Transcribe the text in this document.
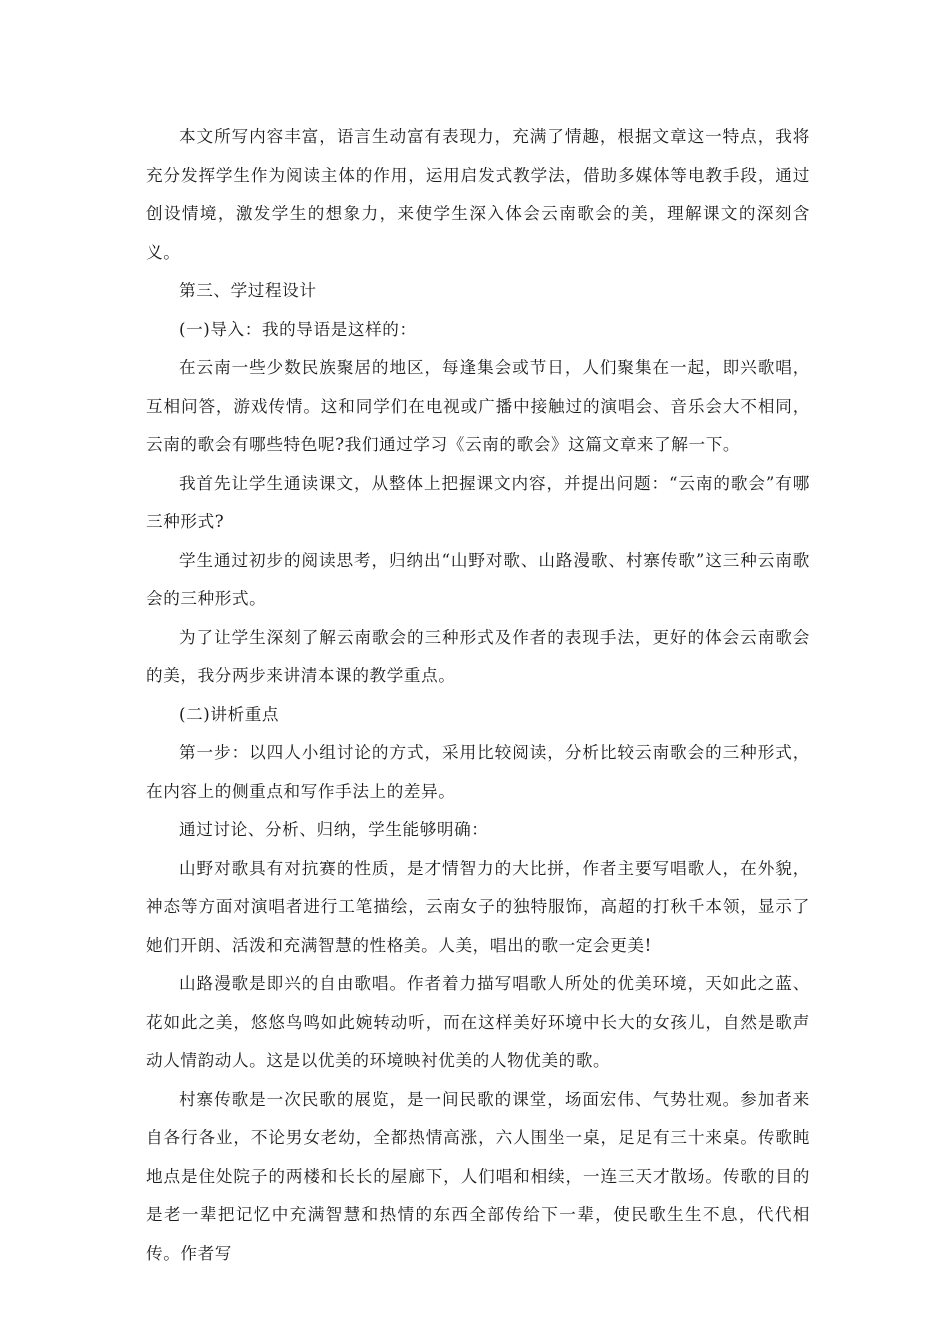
本文所写内容丰富，语言生动富有表现力，充满了情趣，根据文章这一特点，我将充分发挥学生作为阅读主体的作用，运用启发式教学法，借助多媒体等电教手段，通过创设情境，激发学生的想象力，来使学生深入体会云南歌会的美，理解课文的深刻含义。

第三、学过程设计

(一)导入：我的导语是这样的：

在云南一些少数民族聚居的地区，每逢集会或节日，人们聚集在一起，即兴歌唱，互相问答，游戏传情。这和同学们在电视或广播中接触过的演唱会、音乐会大不相同，云南的歌会有哪些特色呢?我们通过学习《云南的歌会》这篇文章来了解一下。

我首先让学生通读课文，从整体上把握课文内容，并提出问题：“云南的歌会”有哪三种形式?

学生通过初步的阅读思考，归纳出“山野对歌、山路漫歌、村寨传歌”这三种云南歌会的三种形式。

为了让学生深刻了解云南歌会的三种形式及作者的表现手法，更好的体会云南歌会的美，我分两步来讲清本课的教学重点。

(二)讲析重点

第一步：以四人小组讨论的方式，采用比较阅读，分析比较云南歌会的三种形式，在内容上的侧重点和写作手法上的差异。

通过讨论、分析、归纳，学生能够明确：

山野对歌具有对抗赛的性质，是才情智力的大比拼，作者主要写唱歌人，在外貌，神态等方面对演唱者进行工笔描绘，云南女子的独特服饰，高超的打秋千本领，显示了她们开朗、活泼和充满智慧的性格美。人美，唱出的歌一定会更美!

山路漫歌是即兴的自由歌唱。作者着力描写唱歌人所处的优美环境，天如此之蓝、花如此之美，悠悠鸟鸣如此婉转动听，而在这样美好环境中长大的女孩儿，自然是歌声动人情韵动人。这是以优美的环境映衬优美的人物优美的歌。

村寨传歌是一次民歌的展览，是一间民歌的课堂，场面宏伟、气势壮观。参加者来自各行各业，不论男女老幼，全都热情高涨，六人围坐一桌，足足有三十来桌。传歌盹地点是住处院子的两楼和长长的屋廊下，人们唱和相续，一连三天才散场。传歌的目的是老一辈把记忆中充满智慧和热情的东西全部传给下一辈，使民歌生生不息，代代相传。作者写
